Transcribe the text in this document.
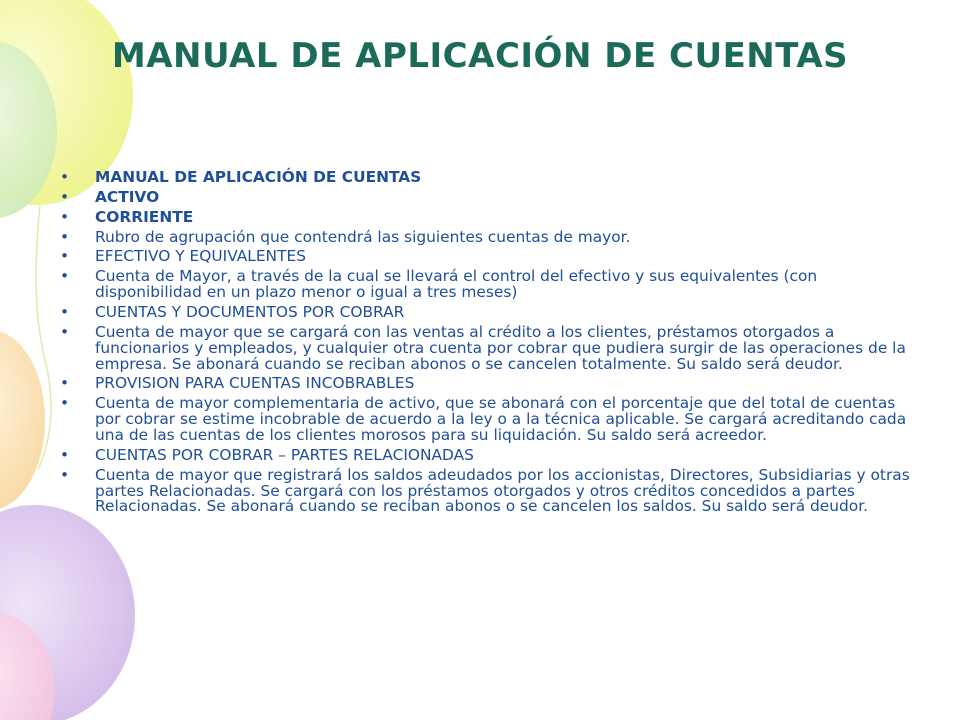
MANUAL DE APLICACIÓN DE CUENTAS
• MANUAL DE APLICACIÓN DE CUENTAS
• ACTIVO
• CORRIENTE
• Rubro de agrupación que contendrá las siguientes cuentas de mayor.
• EFECTIVO Y EQUIVALENTES
• Cuenta de Mayor, a través de la cual se llevará el control del efectivo y sus equivalentes (con disponibilidad en un plazo menor o igual a tres meses)
• CUENTAS Y DOCUMENTOS POR COBRAR
• Cuenta de mayor que se cargará con las ventas al crédito a los clientes, préstamos otorgados a funcionarios y empleados, y cualquier otra cuenta por cobrar que pudiera surgir de las operaciones de la empresa. Se abonará cuando se reciban abonos o se cancelen totalmente. Su saldo será deudor.
• PROVISION PARA CUENTAS INCOBRABLES
• Cuenta de mayor complementaria de activo, que se abonará con el porcentaje que del total de cuentas por cobrar se estime incobrable de acuerdo a la ley o a la técnica aplicable. Se cargará acreditando cada una de las cuentas de los clientes morosos para su liquidación. Su saldo será acreedor.
• CUENTAS POR COBRAR – PARTES RELACIONADAS
• Cuenta de mayor que registrará los saldos adeudados por los accionistas, Directores, Subsidiarias y otras partes Relacionadas. Se cargará con los préstamos otorgados y otros créditos concedidos a partes Relacionadas. Se abonará cuando se reciban abonos o se cancelen los saldos. Su saldo será deudor.
